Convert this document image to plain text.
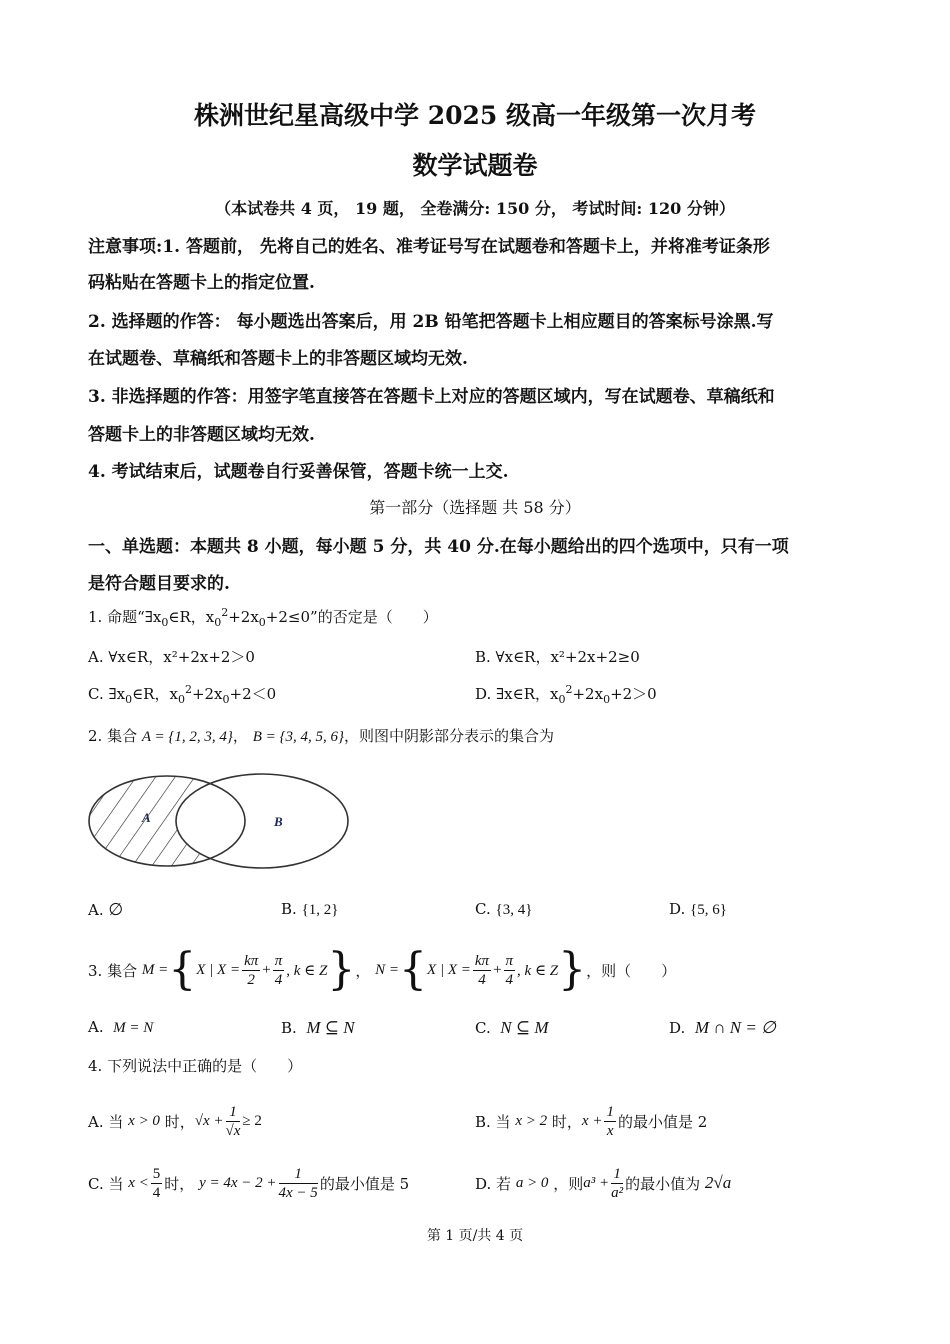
株洲世纪星高级中学 2025 级高一年级第一次月考
数学试题卷
（本试卷共 4 页， 19 题， 全卷满分: 150 分， 考试时间: 120 分钟）
注意事项:1. 答题前， 先将自己的姓名、准考证号写在试题卷和答题卡上，并将准考证条形
码粘贴在答题卡上的指定位置.
2. 选择题的作答： 每小题选出答案后，用 2B 铅笔把答题卡上相应题目的答案标号涂黑.写
在试题卷、草稿纸和答题卡上的非答题区域均无效.
3. 非选择题的作答：用签字笔直接答在答题卡上对应的答题区域内，写在试题卷、草稿纸和
答题卡上的非答题区域均无效.
4. 考试结束后，试题卷自行妥善保管，答题卡统一上交.
第一部分（选择题 共 58 分）
一、单选题：本题共 8 小题，每小题 5 分，共 40 分.在每小题给出的四个选项中，只有一项
是符合题目要求的.
1. 命题“$\exists x_0\in R$，$x_0^2+2x_0+2\le 0$”的否定是（　　）
A. ∀x∈R，x²+2x+2＞0	B. ∀x∈R，x²+2x+2≥0
C. $\exists x_0\in R$，$x_0^2+2x_0+2<0$	D. ∃x∈R，$x_0^2+2x_0+2>0$
2. 集合 A = {1, 2, 3, 4}， B = {3, 4, 5, 6}，则图中阴影部分表示的集合为
A	B
A. ∅	B. {1, 2}	C. {3, 4}	D. {5, 6}
3. 集合
M = { X | $X = \frac{k\pi}{2} + \frac{\pi}{4}$ , k ∈ Z } ，
N = { X | $X = \frac{k\pi}{4} + \frac{\pi}{4}$ , k ∈ Z } ，则（　　）
A. M = N	B. M ⊆ N	C. N ⊆ M	D. M ∩ N = ∅
4. 下列说法中正确的是（　　）
A. 当
x > 0
时， $√x + \frac{1}{√x} \ge 2$	B. 当
x > 2
时， $x + \frac{1}{x}$ 的最小值是 2
C. 当
$x < \frac{5}{4}$ 时，
$y = 4x - 2 + \frac{1}{4x - 5}$ 的最小值是 5	D. 若
a > 0
，则 $a^3 + \frac{1}{\text{a²}}$ 的最小值为
2√a
第 1 页/共 4 页
